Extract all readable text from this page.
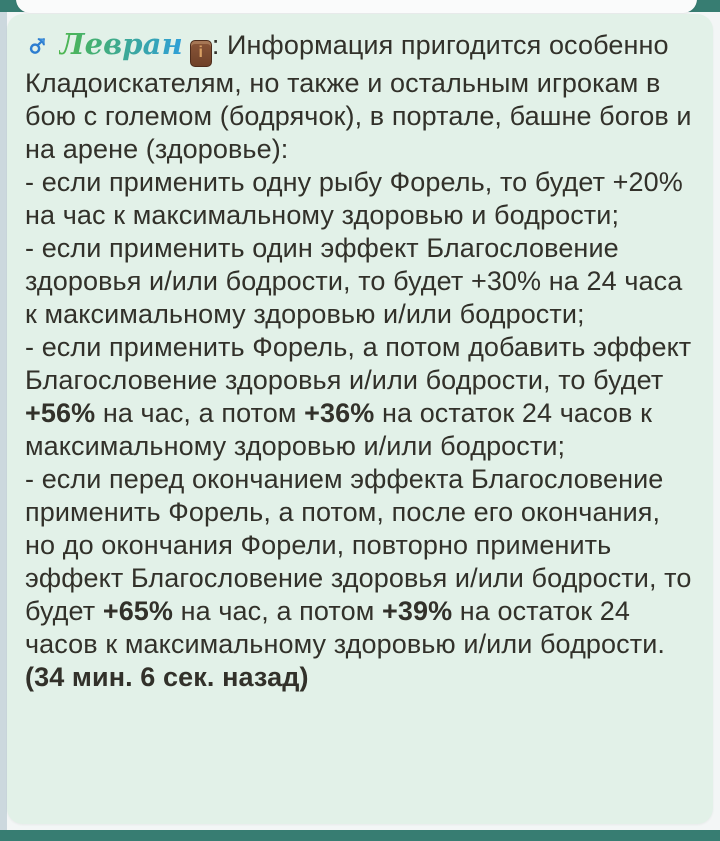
♂ Левран i : Информация пригодится особенно Кладоискателям, но также и остальным игрокам в бою с големом (бодрячок), в портале, башне богов и на арене (здоровье):
- если применить одну рыбу Форель, то будет +20% на час к максимальному здоровью и бодрости;
- если применить один эффект Благословение здоровья и/или бодрости, то будет +30% на 24 часа к максимальному здоровью и/или бодрости;
- если применить Форель, а потом добавить эффект Благословение здоровья и/или бодрости, то будет +56% на час, а потом +36% на остаток 24 часов к максимальному здоровью и/или бодрости;
- если перед окончанием эффекта Благословение применить Форель, а потом, после его окончания, но до окончания Форели, повторно применить эффект Благословение здоровья и/или бодрости, то будет +65% на час, а потом +39% на остаток 24 часов к максимальному здоровью и/или бодрости. (34 мин. 6 сек. назад)
